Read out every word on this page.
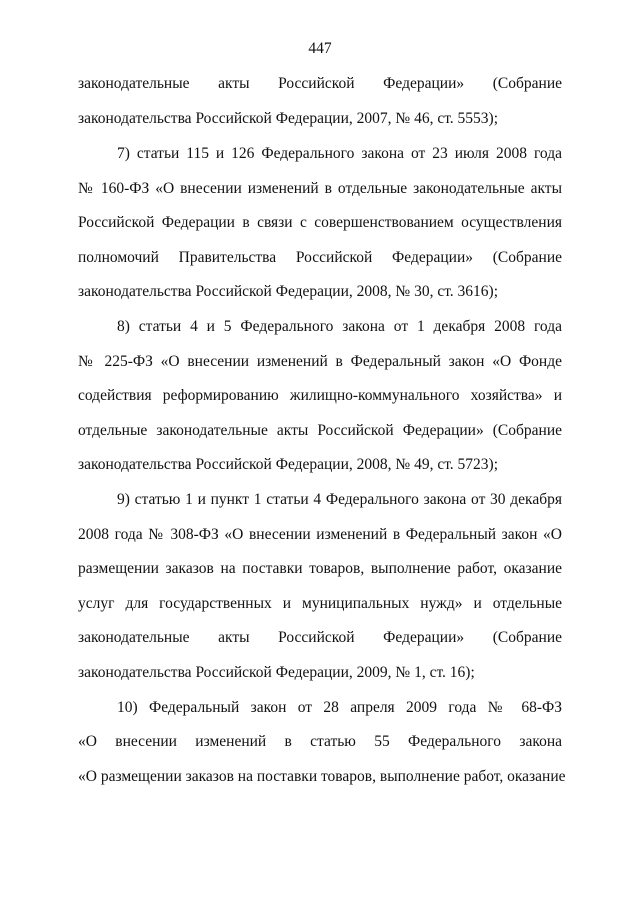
447
законодательные акты Российской Федерации» (Собрание
законодательства Российской Федерации, 2007, № 46, ст. 5553);
7) статьи 115 и 126 Федерального закона от 23 июля 2008 года
№ 160-ФЗ «О внесении изменений в отдельные законодательные акты
Российской Федерации в связи с совершенствованием осуществления
полномочий Правительства Российской Федерации» (Собрание
законодательства Российской Федерации, 2008, № 30, ст. 3616);
8) статьи 4 и 5 Федерального закона от 1 декабря 2008 года
№ 225-ФЗ «О внесении изменений в Федеральный закон «О Фонде
содействия реформированию жилищно-коммунального хозяйства» и
отдельные законодательные акты Российской Федерации» (Собрание
законодательства Российской Федерации, 2008, № 49, ст. 5723);
9) статью 1 и пункт 1 статьи 4 Федерального закона от 30 декабря
2008 года № 308-ФЗ «О внесении изменений в Федеральный закон «О
размещении заказов на поставки товаров, выполнение работ, оказание
услуг для государственных и муниципальных нужд» и отдельные
законодательные акты Российской Федерации» (Собрание
законодательства Российской Федерации, 2009, № 1, ст. 16);
10) Федеральный закон от 28 апреля 2009 года № 68-ФЗ
«О внесении изменений в статью 55 Федерального закона
«О размещении заказов на поставки товаров, выполнение работ, оказание
